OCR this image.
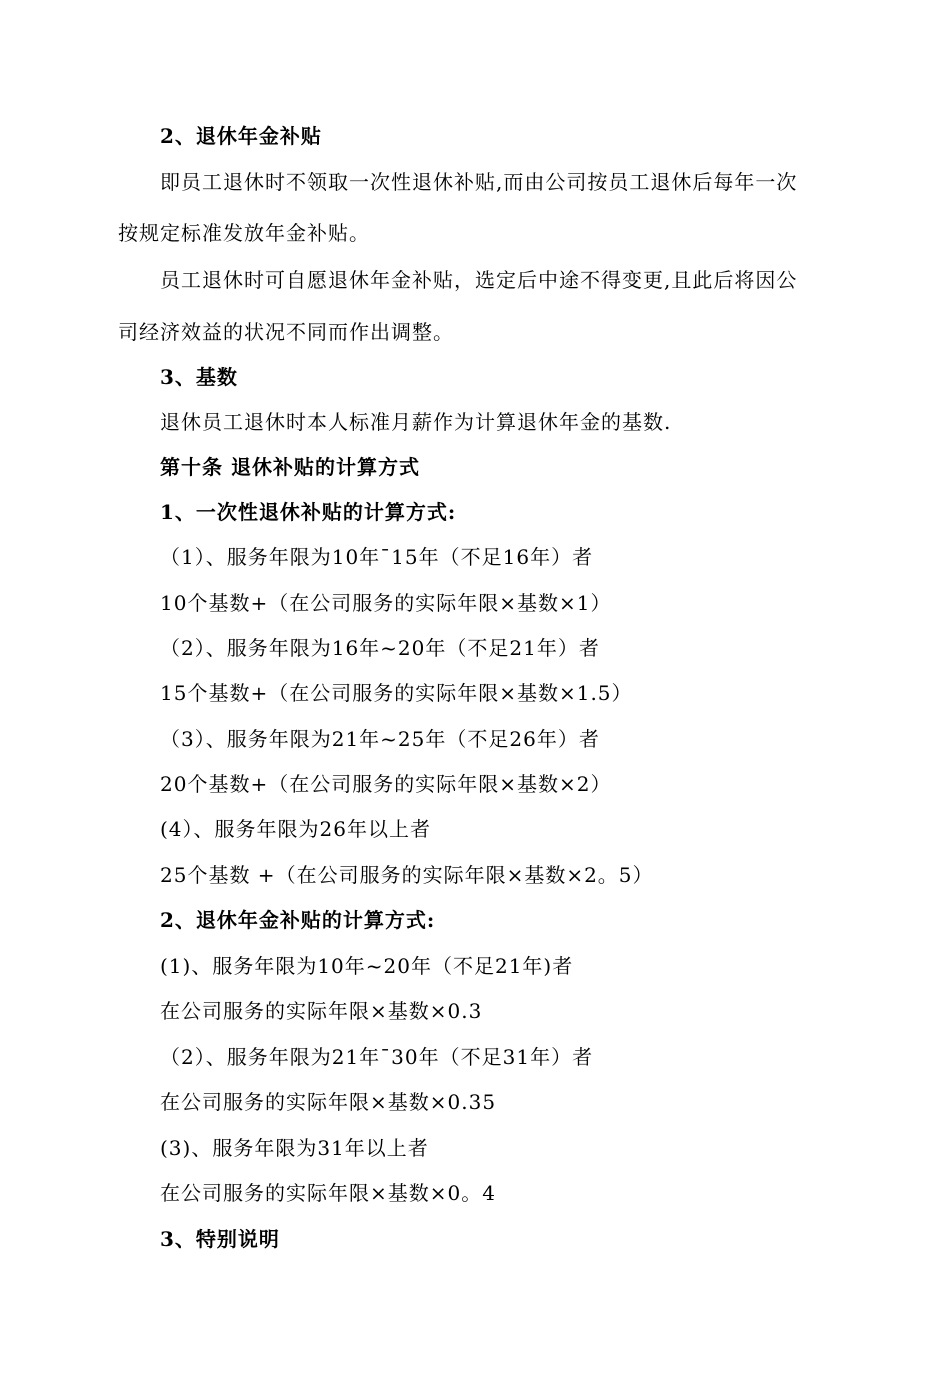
2、退休年金补贴
即员工退休时不领取一次性退休补贴,而由公司按员工退休后每年一次
按规定标准发放年金补贴。
员工退休时可自愿退休年金补贴，选定后中途不得变更,且此后将因公
司经济效益的状况不同而作出调整。
3、基数
退休员工退休时本人标准月薪作为计算退休年金的基数.
第十条 退休补贴的计算方式
1、一次性退休补贴的计算方式:
（1）、服务年限为10年¯15年（不足16年）者
10个基数+（在公司服务的实际年限×基数×1）
（2）、服务年限为16年~20年（不足21年）者
15个基数+（在公司服务的实际年限×基数×1.5）
（3）、服务年限为21年~25年（不足26年）者
20个基数+（在公司服务的实际年限×基数×2）
(4）、服务年限为26年以上者
25个基数 +（在公司服务的实际年限×基数×2。5）
2、退休年金补贴的计算方式:
(1)、服务年限为10年~20年（不足21年)者
在公司服务的实际年限×基数×0.3
（2）、服务年限为21年¯30年（不足31年）者
在公司服务的实际年限×基数×0.35
(3)、服务年限为31年以上者
在公司服务的实际年限×基数×0。4
3、特别说明
